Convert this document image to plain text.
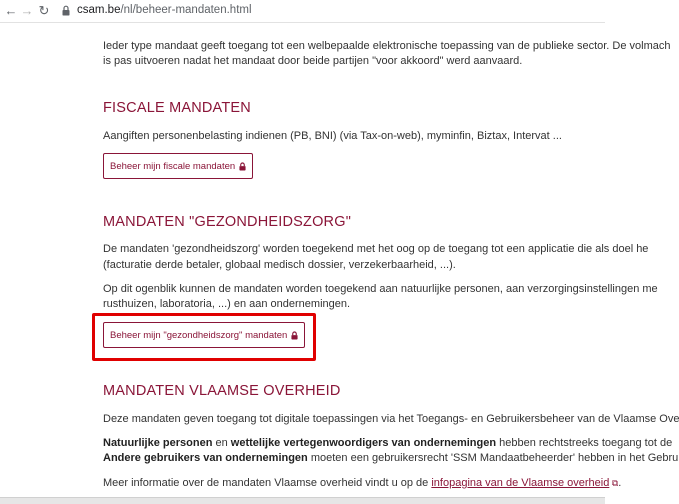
← → ↻ csam.be/nl/beheer-mandaten.html

Ieder type mandaat geeft toegang tot een welbepaalde elektronische toepassing van de publieke sector. De volmach

is pas uitvoeren nadat het mandaat door beide partijen "voor akkoord" werd aanvaard.

FISCALE MANDATEN

Aangiften personenbelasting indienen (PB, BNI) (via Tax-on-web), myminfin, Biztax, Intervat ...

Beheer mijn fiscale mandaten
MANDATEN "GEZONDHEIDSZORG"

De mandaten 'gezondheidszorg' worden toegekend met het oog op de toegang tot een applicatie die als doel he

(facturatie derde betaler, globaal medisch dossier, verzekerbaarheid, ...).

Op dit ogenblik kunnen de mandaten worden toegekend aan natuurlijke personen, aan verzorgingsinstellingen me

rusthuizen, laboratoria, ...) en aan ondernemingen.

Beheer mijn "gezondheidszorg" mandaten
MANDATEN VLAAMSE OVERHEID

Deze mandaten geven toegang tot digitale toepassingen via het Toegangs- en Gebruikersbeheer van de Vlaamse Ove

Natuurlijke personen en wettelijke vertegenwoordigers van ondernemingen hebben rechtstreeks toegang tot de

Andere gebruikers van ondernemingen moeten een gebruikersrecht 'SSM Mandaatbeheerder' hebben in het Gebru

Meer informatie over de mandaten Vlaamse overheid vindt u op de infopagina van de Vlaamse overheid ⧉.
